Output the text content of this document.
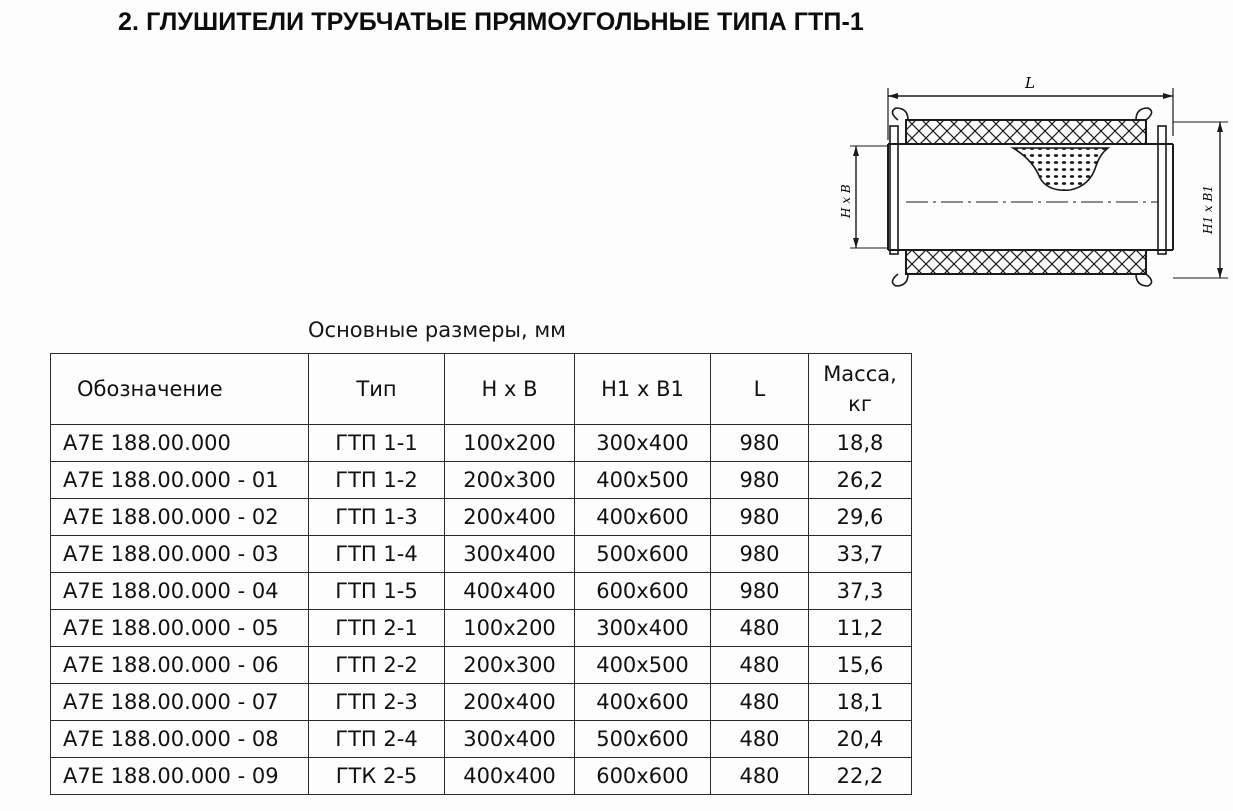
2. ГЛУШИТЕЛИ ТРУБЧАТЫЕ ПРЯМОУГОЛЬНЫЕ ТИПА ГТП-1
L
H x B	H1 x B1

Основные размеры, мм

Обозначение	Тип	H x B	H1 x B1	L	Масса,
кг
А7Е 188.00.000	ГТП 1-1	100x200	300x400	980	18,8
А7Е 188.00.000 - 01	ГТП 1-2	200x300	400x500	980	26,2
А7Е 188.00.000 - 02	ГТП 1-3	200x400	400x600	980	29,6
А7Е 188.00.000 - 03	ГТП 1-4	300x400	500x600	980	33,7
А7Е 188.00.000 - 04	ГТП 1-5	400x400	600x600	980	37,3
А7Е 188.00.000 - 05	ГТП 2-1	100x200	300x400	480	11,2
А7Е 188.00.000 - 06	ГТП 2-2	200x300	400x500	480	15,6
А7Е 188.00.000 - 07	ГТП 2-3	200x400	400x600	480	18,1
А7Е 188.00.000 - 08	ГТП 2-4	300x400	500x600	480	20,4
А7Е 188.00.000 - 09	ГТК 2-5	400x400	600x600	480	22,2
